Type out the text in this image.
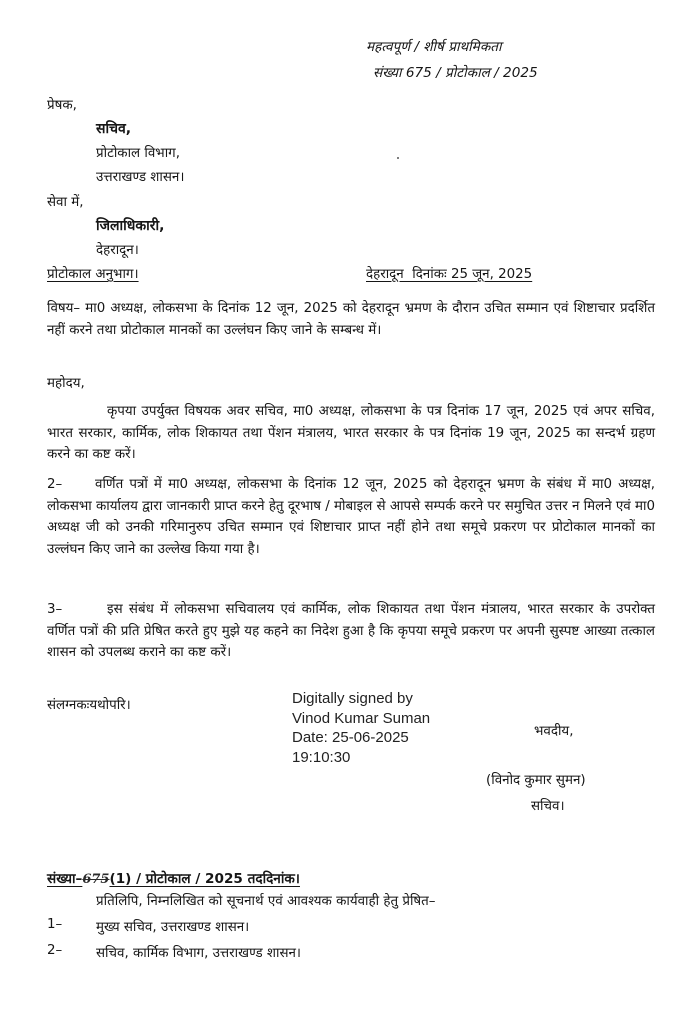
महत्वपूर्ण / शीर्ष प्राथमिकता
संख्या 675 / प्रोटोकाल / 2025
प्रेषक,
सचिव,
प्रोटोकाल विभाग,
उत्तराखण्ड शासन।
सेवा में,
जिलाधिकारी,
देहरादून।
प्रोटोकाल अनुभाग।	देहरादून  दिनांकः 25 जून, 2025
विषय– मा0 अध्यक्ष, लोकसभा के दिनांक 12 जून, 2025 को देहरादून भ्रमण के दौरान उचित सम्मान एवं शिष्टाचार प्रदर्शित नहीं करने तथा प्रोटोकाल मानकों का उल्लंघन किए जाने के सम्बन्ध में।
महोदय,
कृपया उपर्युक्त विषयक अवर सचिव, मा0 अध्यक्ष, लोकसभा के पत्र दिनांक 17 जून, 2025 एवं अपर सचिव, भारत सरकार, कार्मिक, लोक शिकायत तथा पेंशन मंत्रालय, भारत सरकार के पत्र दिनांक 19 जून, 2025 का सन्दर्भ ग्रहण करने का कष्ट करें।
2– वर्णित पत्रों में मा0 अध्यक्ष, लोकसभा के दिनांक 12 जून, 2025 को देहरादून भ्रमण के संबंध में मा0 अध्यक्ष, लोकसभा कार्यालय द्वारा जानकारी प्राप्त करने हेतु दूरभाष / मोबाइल से आपसे सम्पर्क करने पर समुचित उत्तर न मिलने एवं मा0 अध्यक्ष जी को उनकी गरिमानुरुप उचित सम्मान एवं शिष्टाचार प्राप्त नहीं होने तथा समूचे प्रकरण पर प्रोटोकाल मानकों का उल्लंघन किए जाने का उल्लेख किया गया है।
3–	इस संबंध में लोकसभा सचिवालय एवं कार्मिक, लोक शिकायत तथा पेंशन मंत्रालय, भारत सरकार के उपरोक्त वर्णित पत्रों की प्रति प्रेषित करते हुए मुझे यह कहने का निदेश हुआ है कि कृपया समूचे प्रकरण पर अपनी सुस्पष्ट आख्या तत्काल शासन को उपलब्ध कराने का कष्ट करें।
संलग्नकःयथोपरि।	Digitally signed by
Vinod Kumar Suman
Date: 25-06-2025
19:10:30
भवदीय,
(विनोद कुमार सुमन)
सचिव।
संख्या–675(1) / प्रोटोकाल / 2025 तददिनांक।
प्रतिलिपि, निम्नलिखित को सूचनार्थ एवं आवश्यक कार्यवाही हेतु प्रेषित–
1–	मुख्य सचिव, उत्तराखण्ड शासन।
2–	सचिव, कार्मिक विभाग, उत्तराखण्ड शासन।
